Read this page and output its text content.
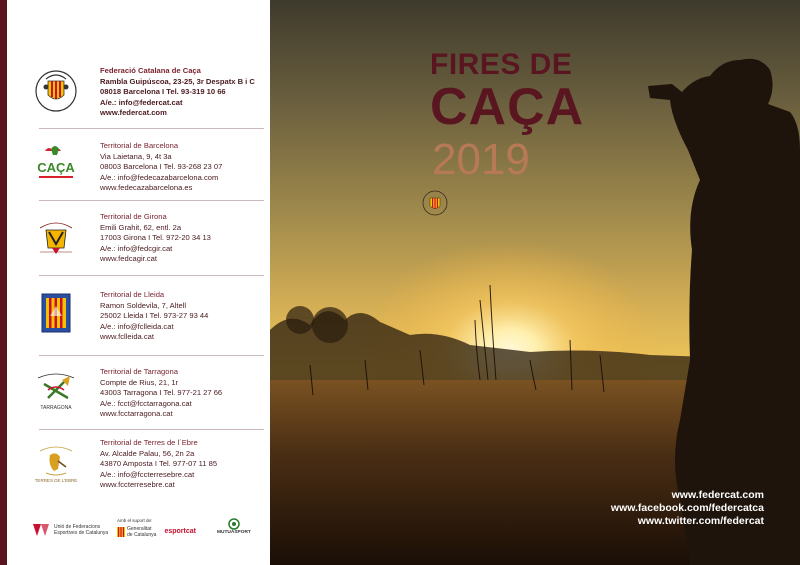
Federació Catalana de Caça
Rambla Guipúscoa, 23-25, 3r Despatx B i C
08018 Barcelona I Tel. 93-319 10 66
A/e.: info@federcat.cat
www.federcat.com
CAÇA
Territorial de Barcelona
Via Laietana, 9, 4t 3a
08003 Barcelona I Tel. 93-268 23 07
A/e.: info@fedecazabarcelona.com
www.fedecazabarcelona.es
Territorial de Girona
Emili Grahit, 62, entl. 2a
17003 Girona I Tel. 972-20 34 13
A/e.: info@fedcgir.cat
www.fedcagir.cat
Territorial de Lleida
Ramon Soldevila, 7, Altell
25002 Lleida I Tel. 973-27 93 44
A/e.: info@fclleida.cat
www.fclleida.cat
TARRAGONA
Territorial de Tarragona
Compte de Rius, 21, 1r
43003 Tarragona I Tel. 977-21 27 66
A/e.: fcct@fcctarragona.cat
www.fcctarragona.cat
TERRES DE L'EBRE
Territorial de Terres de l´Ebre
Av. Alcalde Palau, 56, 2n 2a
43870 Amposta I Tel. 977-07 11 85
A/e.: info@fccterresebre.cat
www.fccterresebre.cat
Unió de Federacions
Esportives de Catalunya
Amb el suport de:
Generalitat
de Catalunya esportcat	MUTUASPORT
FIRES DE
CAÇA
2019
www.federcat.com
www.facebook.com/federcatca
www.twitter.com/federcat
